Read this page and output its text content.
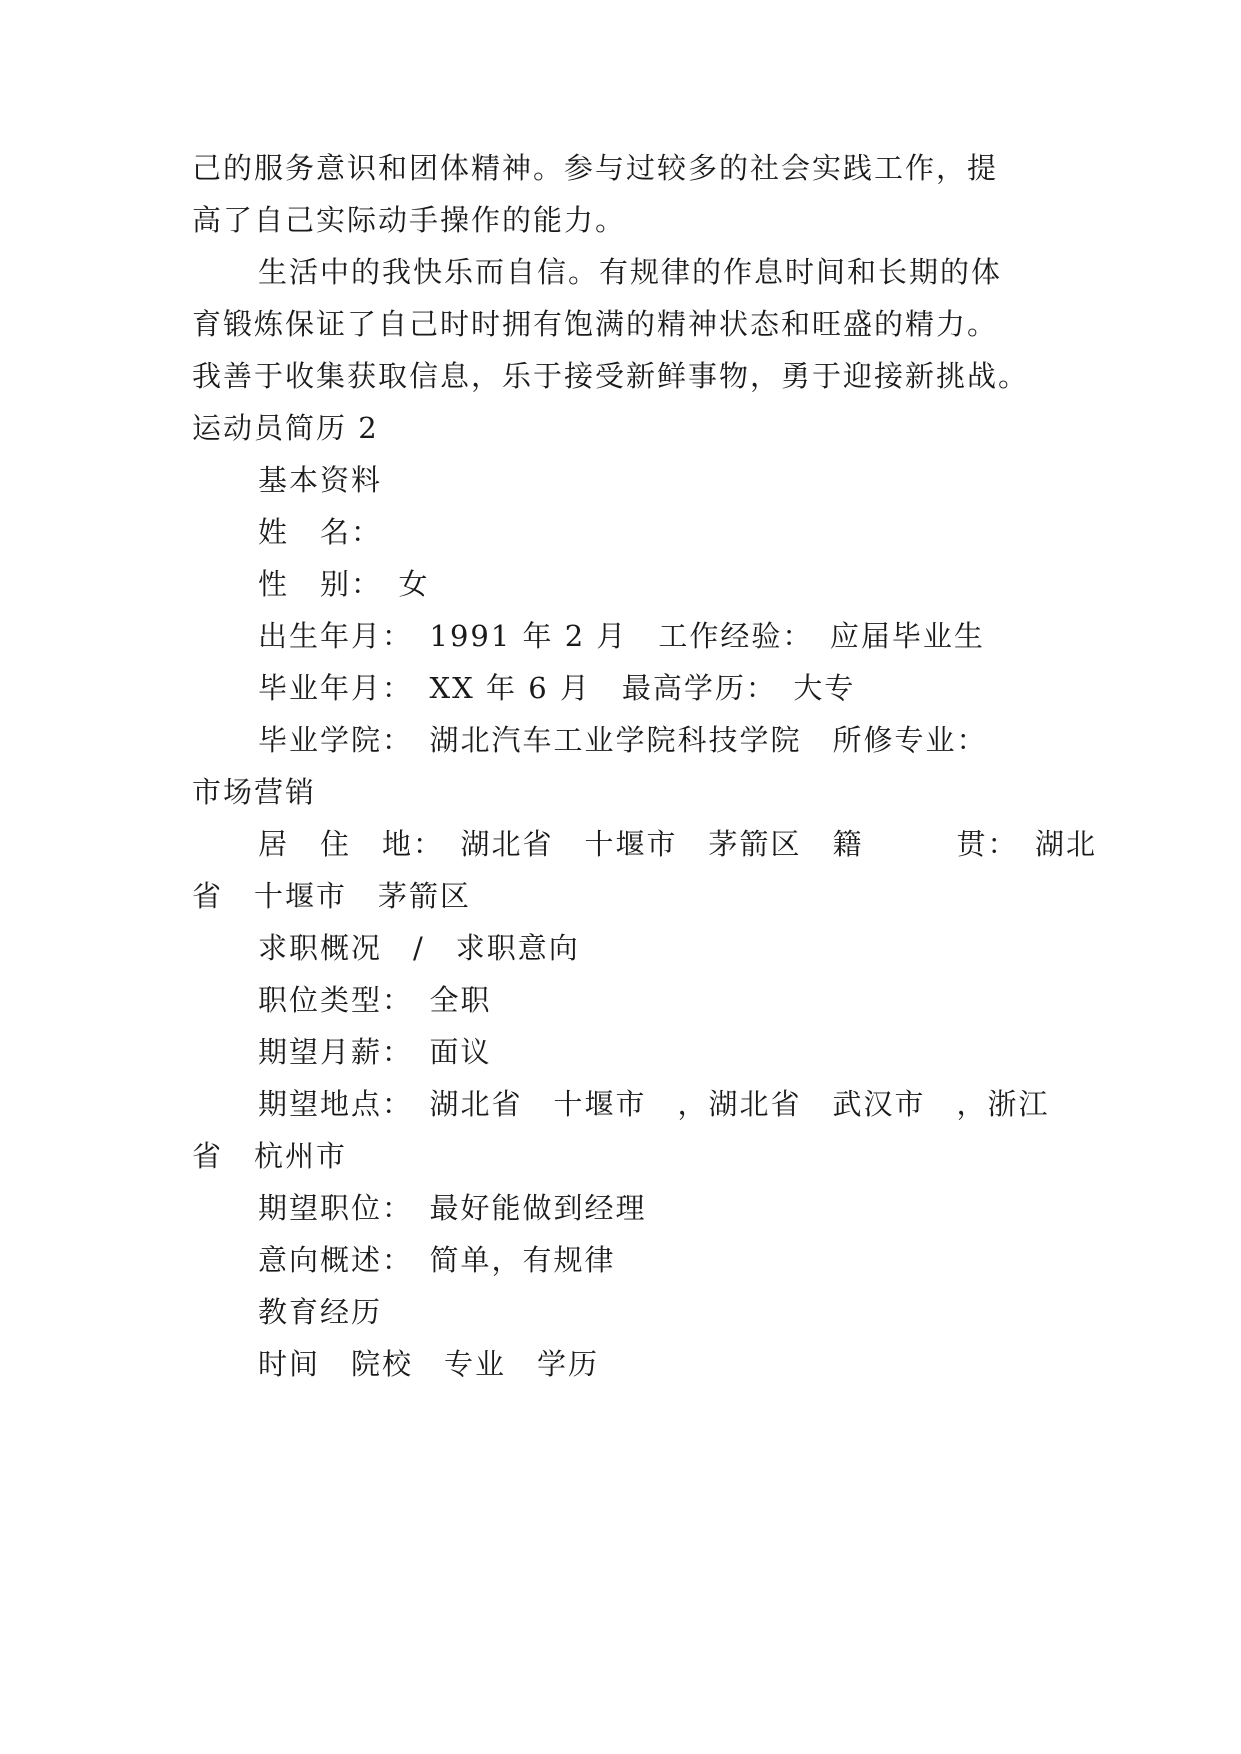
己的服务意识和团体精神。参与过较多的社会实践工作，提
高了自己实际动手操作的能力。
生活中的我快乐而自信。有规律的作息时间和长期的体
育锻炼保证了自己时时拥有饱满的精神状态和旺盛的精力。
我善于收集获取信息，乐于接受新鲜事物，勇于迎接新挑战。
运动员简历 2
基本资料
姓　名：
性　别：　女
出生年月：　1991 年 2 月　工作经验：　应届毕业生
毕业年月：　XX 年 6 月　最高学历：　大专
毕业学院：　湖北汽车工业学院科技学院　所修专业：
市场营销
居　住　地：　湖北省　十堰市　茅箭区　籍　　　贯：　湖北
省　十堰市　茅箭区
求职概况　/　求职意向
职位类型：　全职
期望月薪：　面议
期望地点：　湖北省　十堰市　，湖北省　武汉市　，浙江
省　杭州市
期望职位：　最好能做到经理
意向概述：　简单，有规律
教育经历
时间　院校　专业　学历
